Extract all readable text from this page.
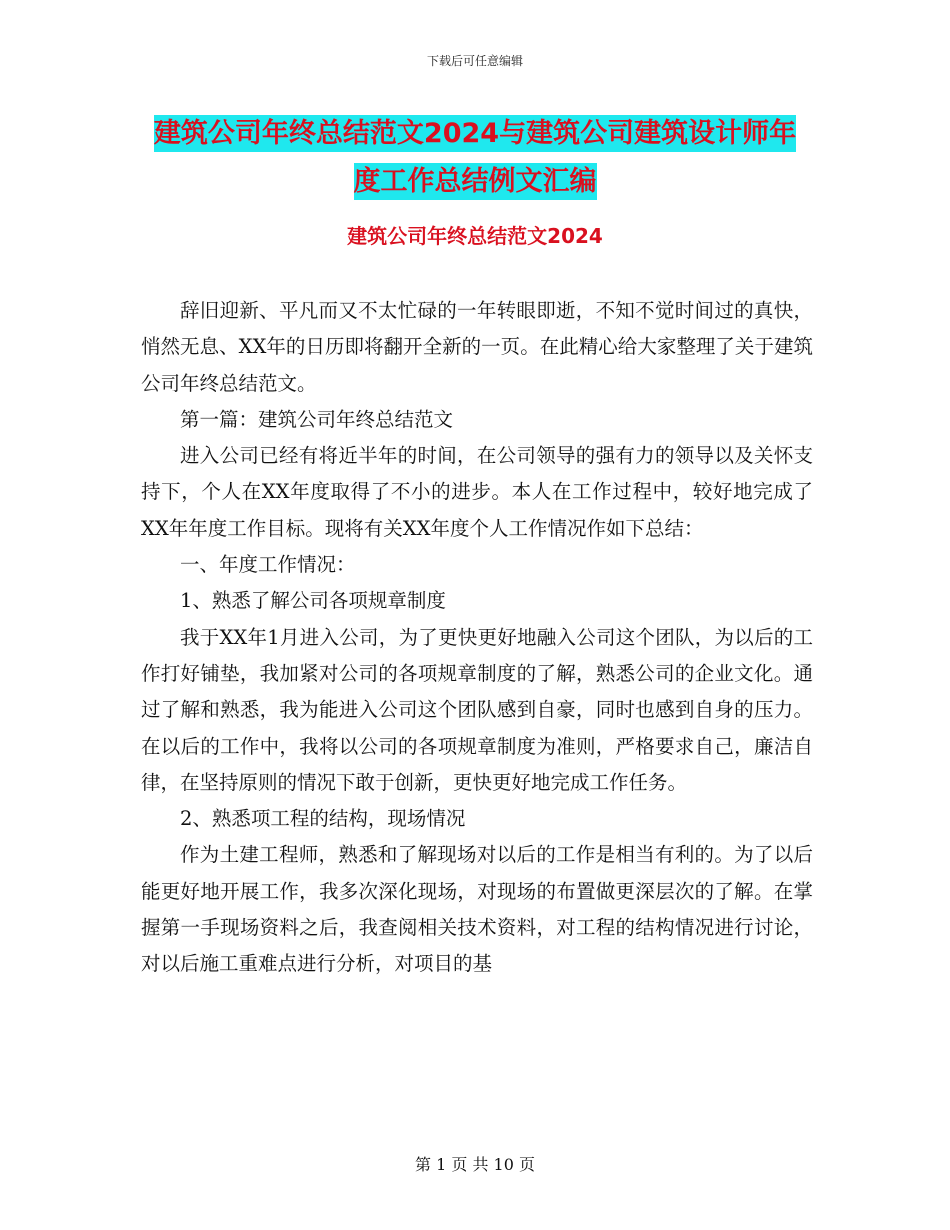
下载后可任意编辑
建筑公司年终总结范文2024与建筑公司建筑设计师年
度工作总结例文汇编
建筑公司年终总结范文2024

辞旧迎新、平凡而又不太忙碌的一年转眼即逝，不知不觉时间过的真快，悄然无息、XX年的日历即将翻开全新的一页。在此精心给大家整理了关于建筑公司年终总结范文。

第一篇：建筑公司年终总结范文

进入公司已经有将近半年的时间，在公司领导的强有力的领导以及关怀支持下，个人在XX年度取得了不小的进步。本人在工作过程中，较好地完成了XX年年度工作目标。现将有关XX年度个人工作情况作如下总结：

一、年度工作情况：

1、熟悉了解公司各项规章制度

我于XX年1月进入公司，为了更快更好地融入公司这个团队，为以后的工作打好铺垫，我加紧对公司的各项规章制度的了解，熟悉公司的企业文化。通过了解和熟悉，我为能进入公司这个团队感到自豪，同时也感到自身的压力。在以后的工作中，我将以公司的各项规章制度为准则，严格要求自己，廉洁自律，在坚持原则的情况下敢于创新，更快更好地完成工作任务。

2、熟悉项工程的结构，现场情况

作为土建工程师，熟悉和了解现场对以后的工作是相当有利的。为了以后能更好地开展工作，我多次深化现场，对现场的布置做更深层次的了解。在掌握第一手现场资料之后，我查阅相关技术资料，对工程的结构情况进行讨论，对以后施工重难点进行分析，对项目的基

第 1 页 共 10 页
